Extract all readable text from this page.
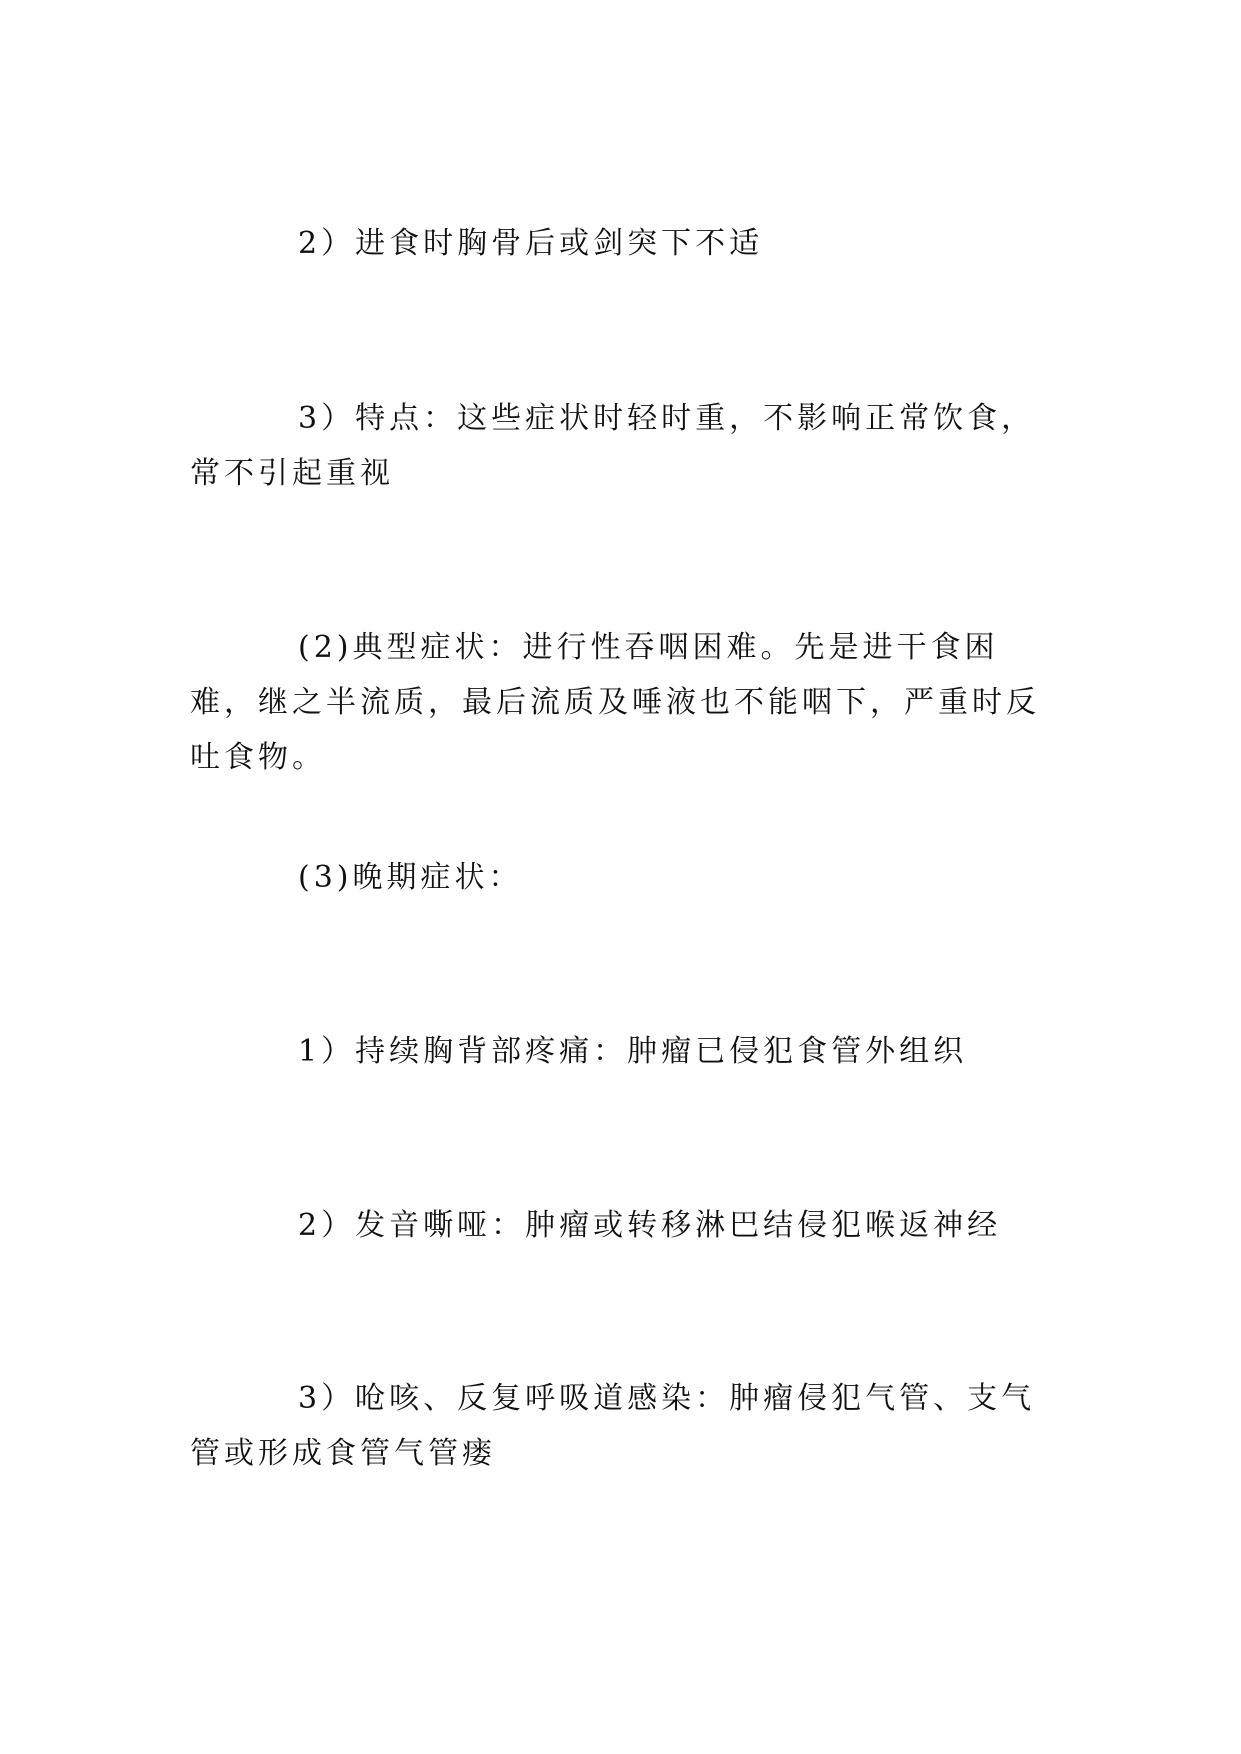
2）进食时胸骨后或剑突下不适

3）特点：这些症状时轻时重，不影响正常饮食，常不引起重视

(2)典型症状：进行性吞咽困难。先是进干食困难，继之半流质，最后流质及唾液也不能咽下，严重时反吐食物。

(3)晚期症状：

1）持续胸背部疼痛：肿瘤已侵犯食管外组织

2）发音嘶哑：肿瘤或转移淋巴结侵犯喉返神经

3）呛咳、反复呼吸道感染：肿瘤侵犯气管、支气管或形成食管气管瘘
